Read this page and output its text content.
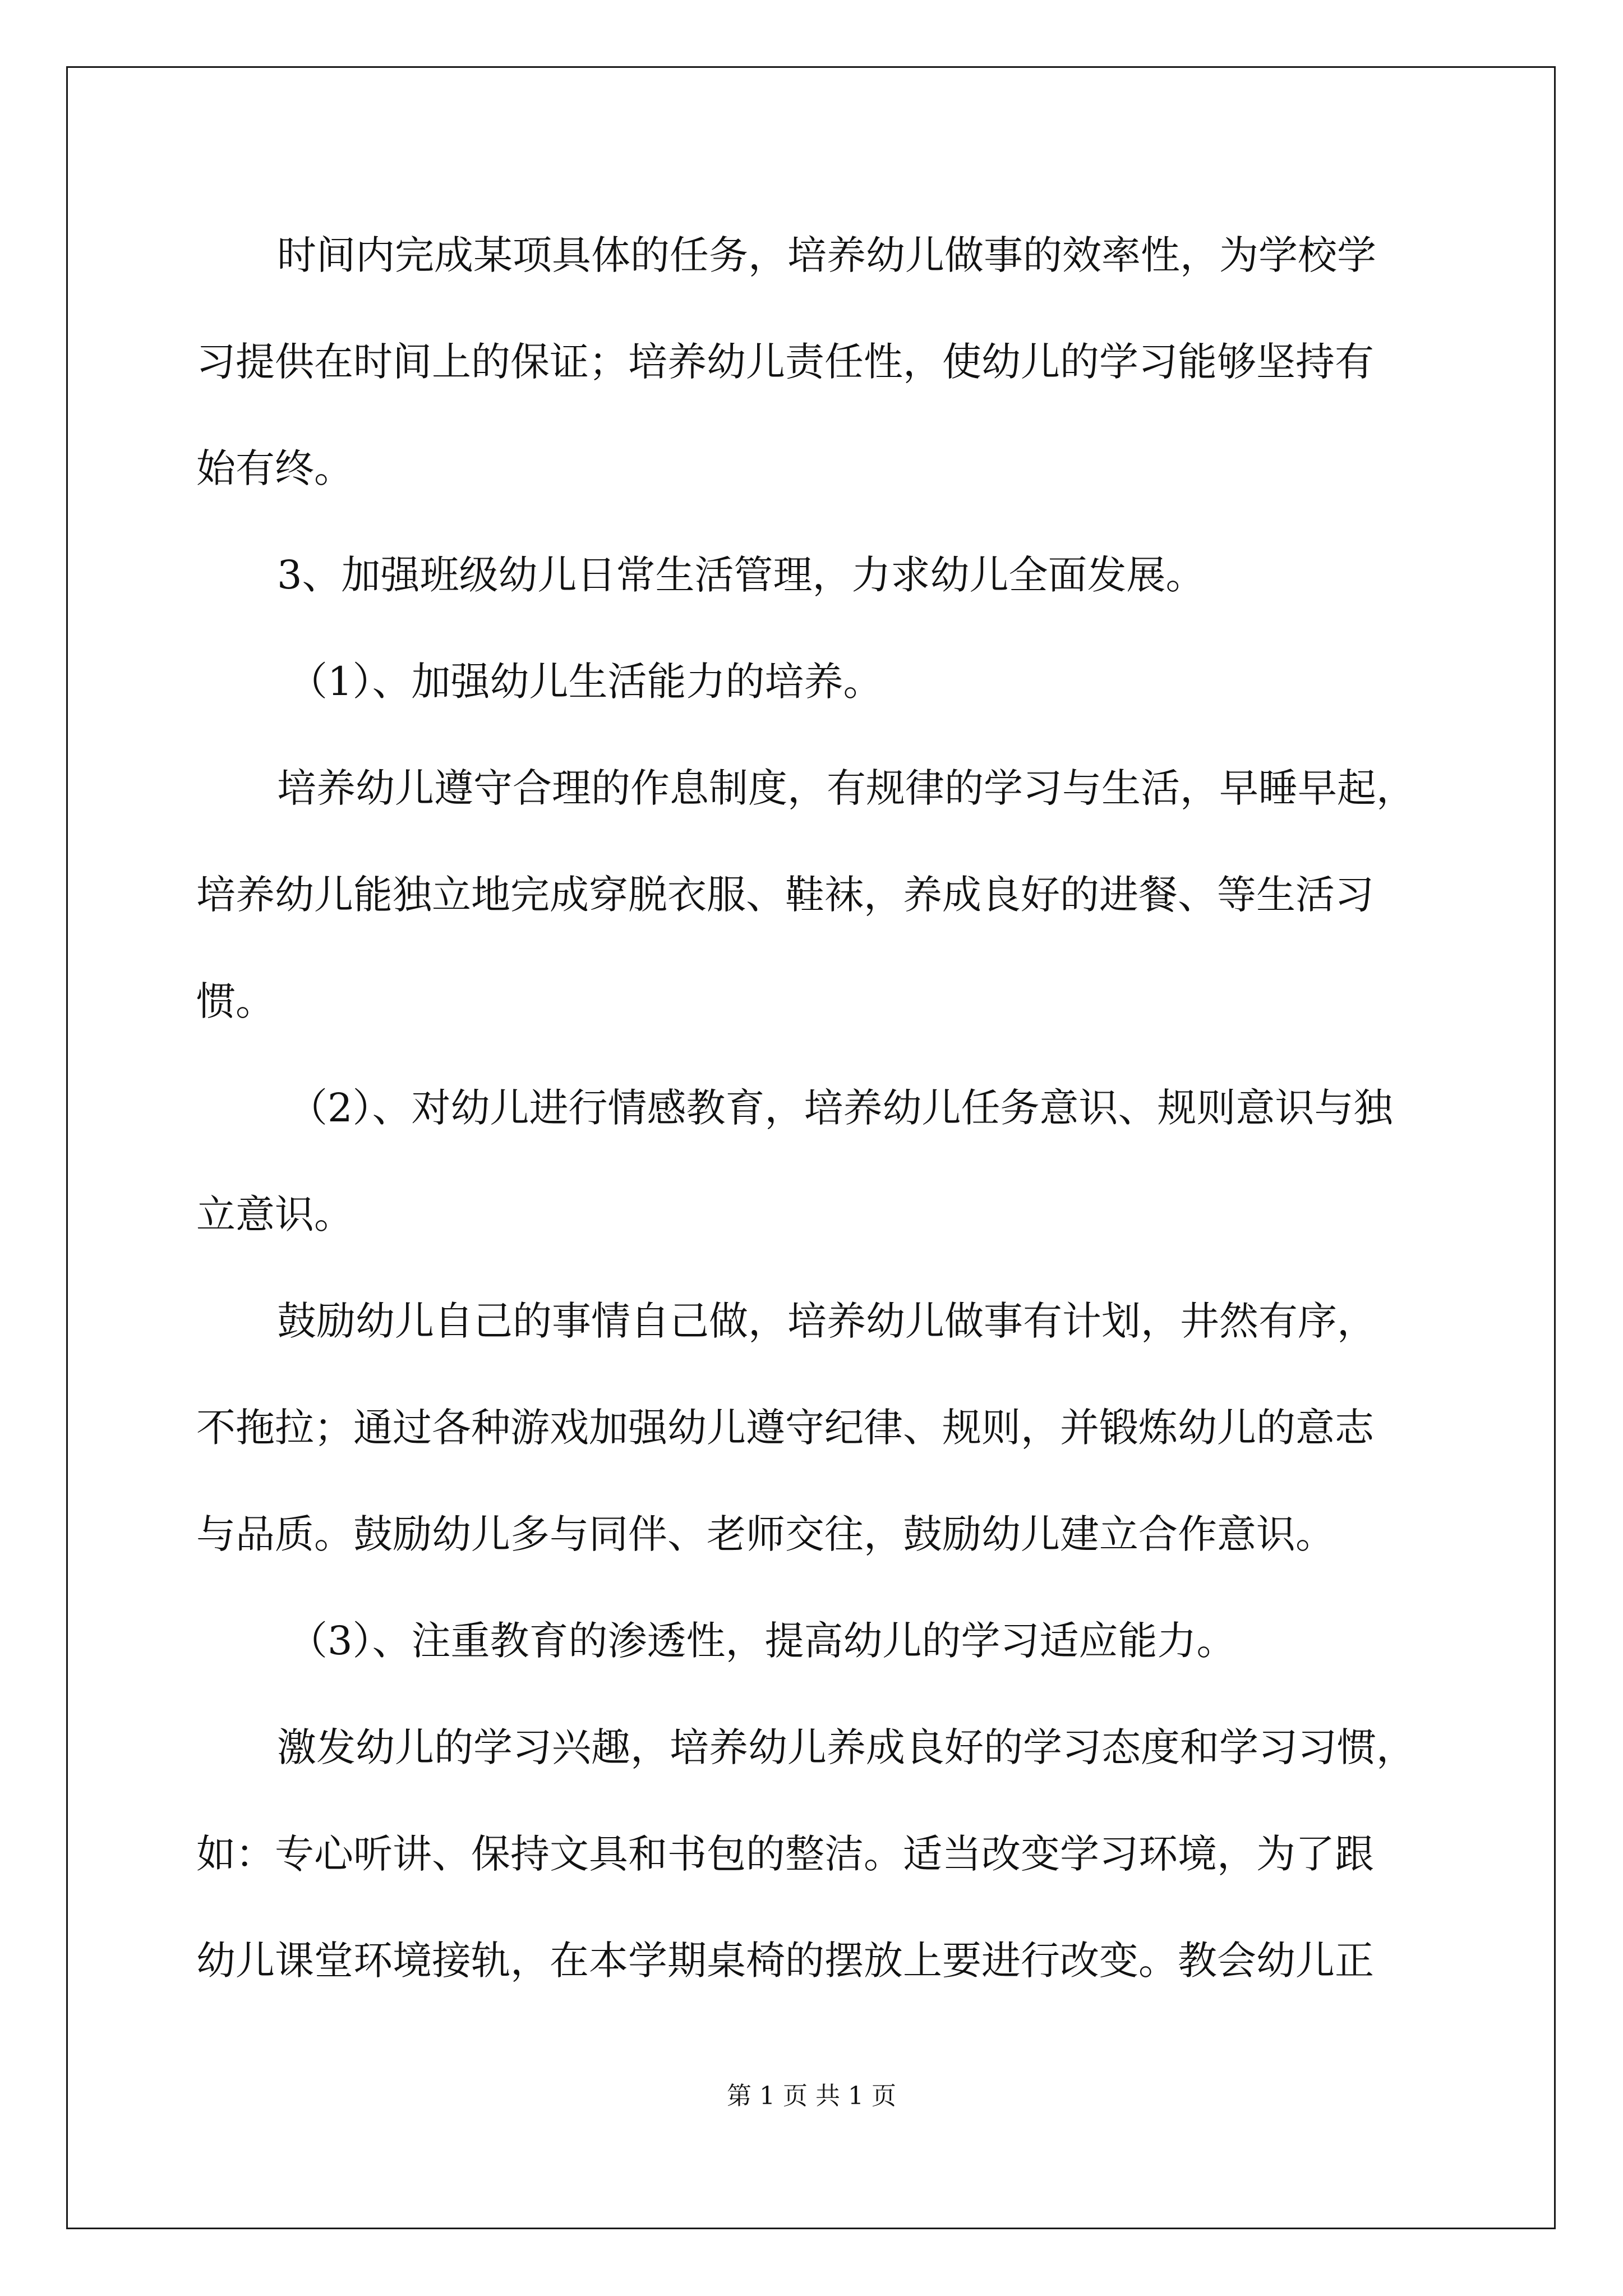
时间内完成某项具体的任务，培养幼儿做事的效率性，为学校学
习提供在时间上的保证；培养幼儿责任性，使幼儿的学习能够坚持有
始有终。
3、加强班级幼儿日常生活管理，力求幼儿全面发展。
（1）、加强幼儿生活能力的培养。
培养幼儿遵守合理的作息制度，有规律的学习与生活，早睡早起，
培养幼儿能独立地完成穿脱衣服、鞋袜，养成良好的进餐、等生活习
惯。
（2）、对幼儿进行情感教育，培养幼儿任务意识、规则意识与独
立意识。
鼓励幼儿自己的事情自己做，培养幼儿做事有计划，井然有序，
不拖拉；通过各种游戏加强幼儿遵守纪律、规则，并锻炼幼儿的意志
与品质。鼓励幼儿多与同伴、老师交往，鼓励幼儿建立合作意识。
（3）、注重教育的渗透性，提高幼儿的学习适应能力。
激发幼儿的学习兴趣，培养幼儿养成良好的学习态度和学习习惯，
如：专心听讲、保持文具和书包的整洁。适当改变学习环境，为了跟
幼儿课堂环境接轨，在本学期桌椅的摆放上要进行改变。教会幼儿正
第 1 页 共 1 页
